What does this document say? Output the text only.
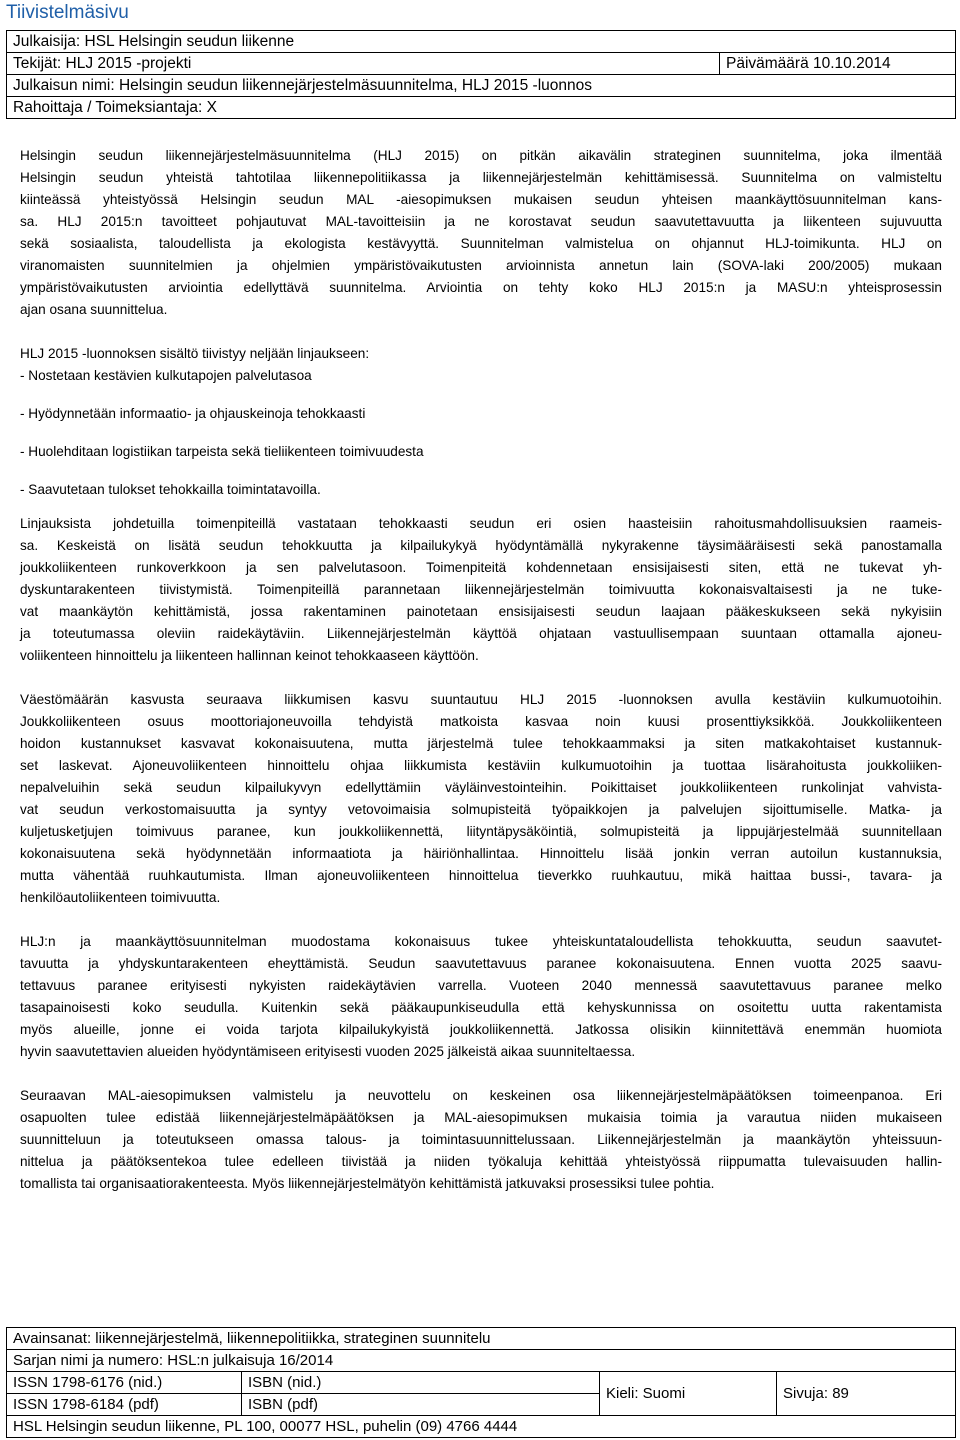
Tiivistelmäsivu
Julkaisija: HSL Helsingin seudun liikenne
Tekijät: HLJ 2015 -projekti	Päivämäärä 10.10.2014
Julkaisun nimi: Helsingin seudun liikennejärjestelmäsuunnitelma, HLJ 2015 -luonnos
Rahoittaja / Toimeksiantaja: X

Helsingin seudun liikennejärjestelmäsuunnitelma (HLJ 2015) on pitkän aikavälin strateginen suunnitelma, joka ilmentää
Helsingin seudun yhteistä tahtotilaa liikennepolitiikassa ja liikennejärjestelmän kehittämisessä. Suunnitelma on valmisteltu
kiinteässä yhteistyössä Helsingin seudun MAL -aiesopimuksen mukaisen seudun yhteisen maankäyttösuunnitelman kans-
sa. HLJ 2015:n tavoitteet pohjautuvat MAL-tavoitteisiin ja ne korostavat seudun saavutettavuutta ja liikenteen sujuvuutta
sekä sosiaalista, taloudellista ja ekologista kestävyyttä. Suunnitelman valmistelua on ohjannut HLJ-toimikunta. HLJ on
viranomaisten suunnitelmien ja ohjelmien ympäristövaikutusten arvioinnista annetun lain (SOVA-laki 200/2005) mukaan
ympäristövaikutusten arviointia edellyttävä suunnitelma. Arviointia on tehty koko HLJ 2015:n ja MASU:n yhteisprosessin
ajan osana suunnittelua.

HLJ 2015 -luonnoksen sisältö tiivistyy neljään linjaukseen:

- Nostetaan kestävien kulkutapojen palvelutasoa
- Hyödynnetään informaatio- ja ohjauskeinoja tehokkaasti
- Huolehditaan logistiikan tarpeista sekä tieliikenteen toimivuudesta
- Saavutetaan tulokset tehokkailla toimintatavoilla.

Linjauksista johdetuilla toimenpiteillä vastataan tehokkaasti seudun eri osien haasteisiin rahoitusmahdollisuuksien raameis-
sa. Keskeistä on lisätä seudun tehokkuutta ja kilpailukykyä hyödyntämällä nykyrakenne täysimääräisesti sekä panostamalla
joukkoliikenteen runkoverkkoon ja sen palvelutasoon. Toimenpiteitä kohdennetaan ensisijaisesti siten, että ne tukevat yh-
dyskuntarakenteen tiivistymistä. Toimenpiteillä parannetaan liikennejärjestelmän toimivuutta kokonaisvaltaisesti ja ne tuke-
vat maankäytön kehittämistä, jossa rakentaminen painotetaan ensisijaisesti seudun laajaan pääkeskukseen sekä nykyisiin
ja toteutumassa oleviin raidekäytäviin. Liikennejärjestelmän käyttöä ohjataan vastuullisempaan suuntaan ottamalla ajoneu-
voliikenteen hinnoittelu ja liikenteen hallinnan keinot tehokkaaseen käyttöön.

Väestömäärän kasvusta seuraava liikkumisen kasvu suuntautuu HLJ 2015 -luonnoksen avulla kestäviin kulkumuotoihin.
Joukkoliikenteen osuus moottoriajoneuvoilla tehdyistä matkoista kasvaa noin kuusi prosenttiyksikköä. Joukkoliikenteen
hoidon kustannukset kasvavat kokonaisuutena, mutta järjestelmä tulee tehokkaammaksi ja siten matkakohtaiset kustannuk-
set laskevat. Ajoneuvoliikenteen hinnoittelu ohjaa liikkumista kestäviin kulkumuotoihin ja tuottaa lisärahoitusta joukkoliiken-
nepalveluihin sekä seudun kilpailukyvyn edellyttämiin väyläinvestointeihin. Poikittaiset joukkoliikenteen runkolinjat vahvista-
vat seudun verkostomaisuutta ja syntyy vetovoimaisia solmupisteitä työpaikkojen ja palvelujen sijoittumiselle. Matka- ja
kuljetusketjujen toimivuus paranee, kun joukkoliikennettä, liityntäpysäköintiä, solmupisteitä ja lippujärjestelmää suunnitellaan
kokonaisuutena sekä hyödynnetään informaatiota ja häiriönhallintaa. Hinnoittelu lisää jonkin verran autoilun kustannuksia,
mutta vähentää ruuhkautumista. Ilman ajoneuvoliikenteen hinnoittelua tieverkko ruuhkautuu, mikä haittaa bussi-, tavara- ja
henkilöautoliikenteen toimivuutta.

HLJ:n ja maankäyttösuunnitelman muodostama kokonaisuus tukee yhteiskuntataloudellista tehokkuutta, seudun saavutet-
tavuutta ja yhdyskuntarakenteen eheyttämistä. Seudun saavutettavuus paranee kokonaisuutena. Ennen vuotta 2025 saavu-
tettavuus paranee erityisesti nykyisten raidekäytävien varrella. Vuoteen 2040 mennessä saavutettavuus paranee melko
tasapainoisesti koko seudulla. Kuitenkin sekä pääkaupunkiseudulla että kehyskunnissa on osoitettu uutta rakentamista
myös alueille, jonne ei voida tarjota kilpailukykyistä joukkoliikennettä. Jatkossa olisikin kiinnitettävä enemmän huomiota
hyvin saavutettavien alueiden hyödyntämiseen erityisesti vuoden 2025 jälkeistä aikaa suunniteltaessa.

Seuraavan MAL-aiesopimuksen valmistelu ja neuvottelu on keskeinen osa liikennejärjestelmäpäätöksen toimeenpanoa. Eri
osapuolten tulee edistää liikennejärjestelmäpäätöksen ja MAL-aiesopimuksen mukaisia toimia ja varautua niiden mukaiseen
suunnitteluun ja toteutukseen omassa talous- ja toimintasuunnittelussaan. Liikennejärjestelmän ja maankäytön yhteissuun-
nittelua ja päätöksentekoa tulee edelleen tiivistää ja niiden työkaluja kehittää yhteistyössä riippumatta tulevaisuuden hallin-
tomallista tai organisaatiorakenteesta. Myös liikennejärjestelmätyön kehittämistä jatkuvaksi prosessiksi tulee pohtia.

Avainsanat: liikennejärjestelmä, liikennepolitiikka, strateginen suunnitelu			
Sarjan nimi ja numero: HSL:n julkaisuja 16/2014			
ISSN 1798-6176 (nid.)	ISBN (nid.)	Kieli: Suomi	Sivuja: 89
ISSN 1798-6184 (pdf)	ISBN (pdf)		
HSL Helsingin seudun liikenne, PL 100, 00077 HSL, puhelin (09) 4766 4444			
